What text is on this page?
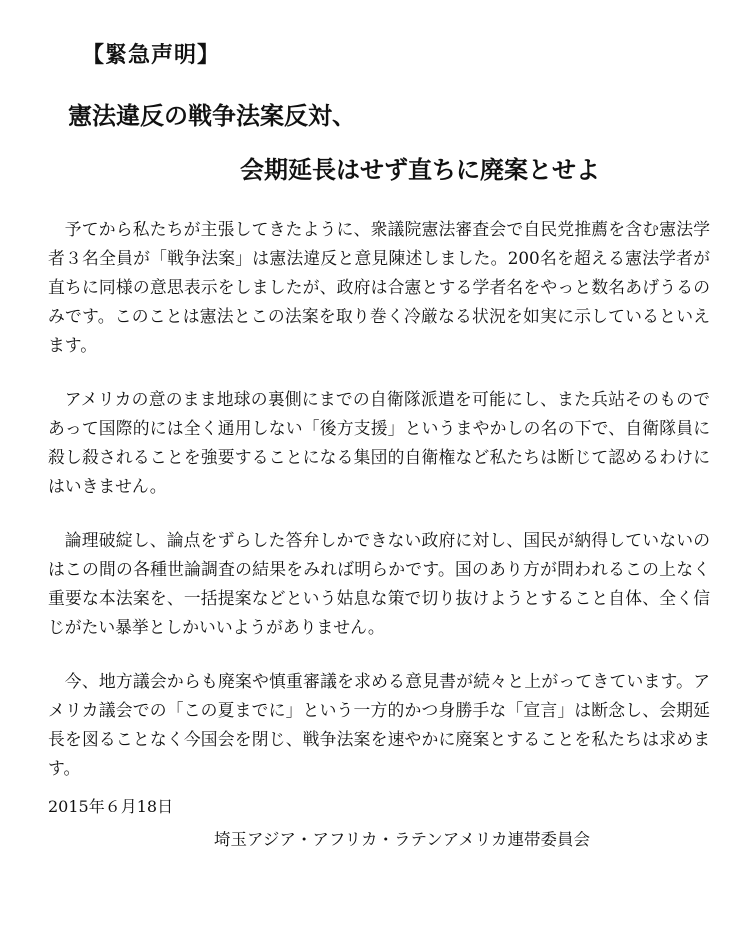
【緊急声明】
憲法違反の戦争法案反対、
会期延長はせず直ちに廃案とせよ

予てから私たちが主張してきたように、衆議院憲法審査会で自民党推薦を含む憲法学者３名全員が「戦争法案」は憲法違反と意見陳述しました。200名を超える憲法学者が直ちに同様の意思表示をしましたが、政府は合憲とする学者名をやっと数名あげうるのみです。このことは憲法とこの法案を取り巻く冷厳なる状況を如実に示しているといえます。

アメリカの意のまま地球の裏側にまでの自衛隊派遣を可能にし、また兵站そのものであって国際的には全く通用しない「後方支援」というまやかしの名の下で、自衛隊員に殺し殺されることを強要することになる集団的自衛権など私たちは断じて認めるわけにはいきません。

論理破綻し、論点をずらした答弁しかできない政府に対し、国民が納得していないのはこの間の各種世論調査の結果をみれば明らかです。国のあり方が問われるこの上なく重要な本法案を、一括提案などという姑息な策で切り抜けようとすること自体、全く信じがたい暴挙としかいいようがありません。

今、地方議会からも廃案や慎重審議を求める意見書が続々と上がってきています。アメリカ議会での「この夏までに」という一方的かつ身勝手な「宣言」は断念し、会期延長を図ることなく今国会を閉じ、戦争法案を速やかに廃案とすることを私たちは求めます。

2015年６月18日
埼玉アジア・アフリカ・ラテンアメリカ連帯委員会
